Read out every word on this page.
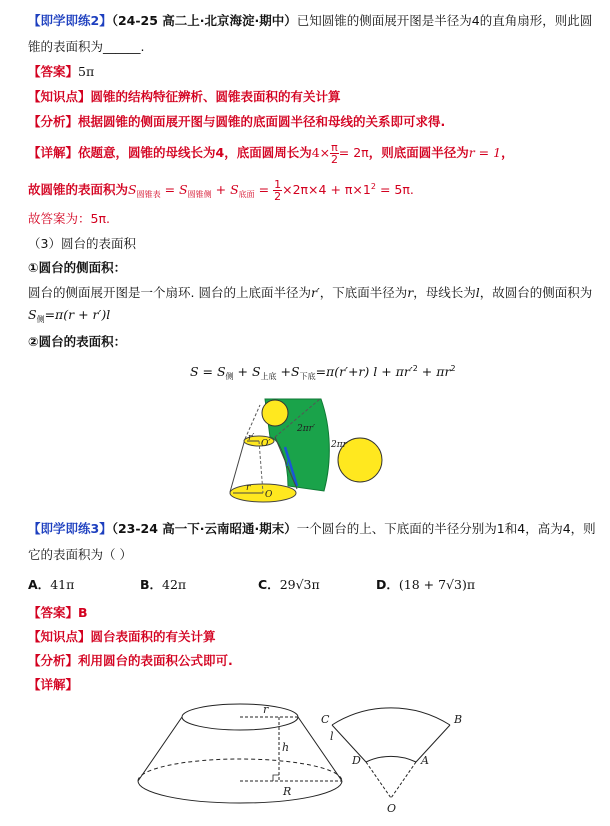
【即学即练2】（24-25 高二上·北京海淀·期中）已知圆锥的侧面展开图是半径为4的直角扇形，则此圆
锥的表面积为______.
【答案】5π
【知识点】圆锥的结构特征辨析、圆锥表面积的有关计算
【分析】根据圆锥的侧面展开图与圆锥的底面圆半径和母线的关系即可求得.
【详解】依题意，圆锥的母线长为4，底面圆周长为$4\times \frac{\pi}{2} = 2\pi$，则底面圆半径为r = 1，
故圆锥的表面积为$S_{圆锥表} = S_{圆锥侧} + S_{底面} = \frac{1}{2} \times 2\pi\times 4 + \pi\times 1^2 = 5\pi$.
故答案为：5π.
（3）圆台的表面积
①圆台的侧面积：
圆台的侧面展开图是一个扇环. 圆台的上底面半径为r′，下底面半径为r，母线长为l，故圆台的侧面积为
$S_侧=\pi(r + r')l$
②圆台的表面积：
$S = S_侧 + S_{上底} +S_{下底}=\pi(r'+r) l + \pi r'^2 + \pi r^2$
2πr′
r′
O′	2πr
l
r
O
【即学即练3】（23-24 高一下·云南昭通·期末）一个圆台的上、下底面的半径分别为1和4，高为4，则
它的表面积为（ ）
A．41π	B．42π	C．29√3π	D．(18 + 7√3)π
【答案】B
【知识点】圆台表面积的有关计算
【分析】利用圆台的表面积公式即可.
【详解】
r
h
l
R
C	B
D	A
O
